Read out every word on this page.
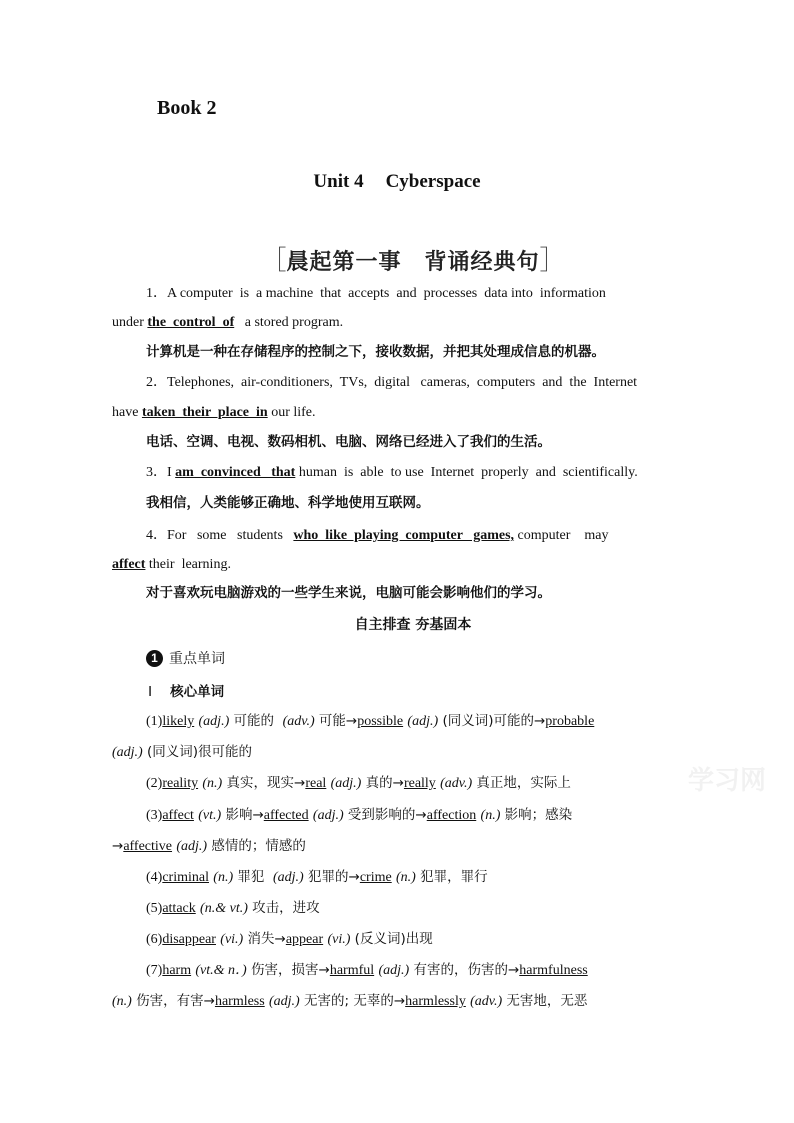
Book 2
Unit 4 Cyberspace
［晨起第一事　背诵经典句］
1．A computer  is  a machine  that  accepts  and  processes  data into  information
under the  control  of   a stored program.
计算机是一种在存储程序的控制之下，接收数据，并把其处理成信息的机器。
2．Telephones,  air-conditioners,  TVs,  digital   cameras,  computers  and  the  Internet
have taken  their  place  in our life.
电话、空调、电视、数码相机、电脑、网络已经进入了我们的生活。
3．I am  convinced   that human  is  able  to use  Internet  properly  and  scientifically.
我相信，人类能够正确地、科学地使用互联网。
4．For   some   students   who  like  playing  computer   games, computer    may
affect their  learning.
对于喜欢玩电脑游戏的一些学生来说，电脑可能会影响他们的学习。
自主排查 夯基固本
1 重点单词
Ⅰ 核心单词
(1)likely (adj.) 可能的 (adv.) 可能→possible (adj.) (同义词)可能的→probable
(adj.) (同义词)很可能的
(2)reality (n.) 真实，现实→real (adj.) 真的→really (adv.) 真正地，实际上
(3)affect (vt.) 影响→affected (adj.) 受到影响的→affection (n.) 影响；感染
→affective (adj.) 感情的；情感的
(4)criminal (n.) 罪犯 (adj.) 犯罪的→crime (n.) 犯罪，罪行
(5)attack (n.& vt.) 攻击，进攻
(6)disappear (vi.) 消失→appear (vi.) (反义词)出现
(7)harm (vt.& n．) 伤害，损害→harmful (adj.) 有害的，伤害的→harmfulness
(n.) 伤害，有害→harmless (adj.) 无害的; 无辜的→harmlessly (adv.) 无害地，无恶
学习网
